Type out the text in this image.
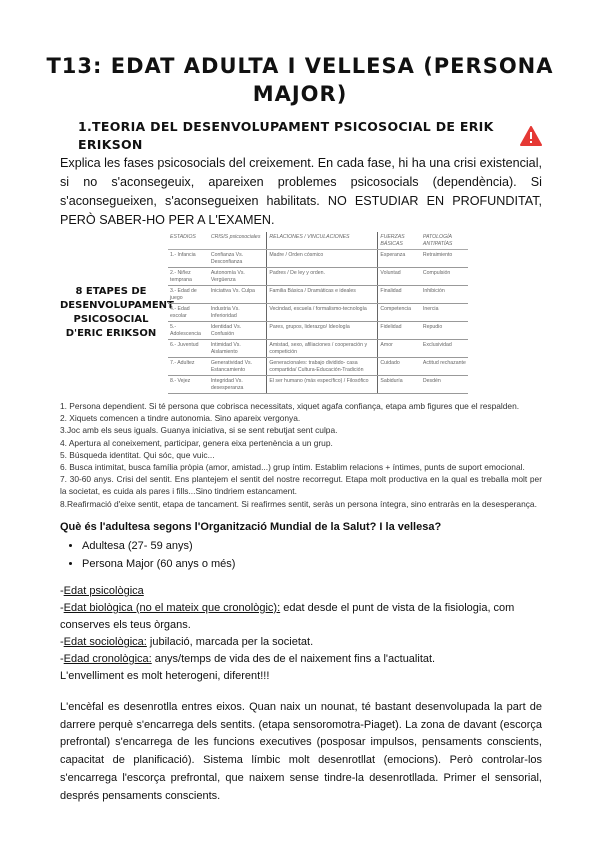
T13: EDAT ADULTA I VELLESA (PERSONA MAJOR)
1.TEORIA DEL DESENVOLUPAMENT PSICOSOCIAL DE ERIK ERIKSON
Explica les fases psicosocials del creixement. En cada fase, hi ha una crisi existencial, si no s'aconsegeuix, apareixen problemes psicosocials (dependència). Si s'aconsegueixen, s'aconsegueixen habilitats. NO ESTUDIAR EN PROFUNDITAT, PERÒ SABER-HO PER A L'EXAMEN.
8 ETAPES DE DESENVOLUPAMENT PSICOSOCIAL D'ERIC ERIKSON
ESTADIOS	CRISIS psicosociales	RELACIONES / VINCULACIONES	FUERZAS BÁSICAS	PATOLOGÍA ANTIPATÍAS
1.- Infancia	Confianza Vs. Desconfianza	Madre / Orden cósmico	Esperanza	Retraimiento
2.- Niñez temprana	Autonomía Vs. Vergüenza	Padres / De ley y orden.	Voluntad	Compulsión
3.- Edad de juego	Iniciativa Vs. Culpa	Familia Básica / Dramáticas e ideales	Finalidad	Inhibición
4.- Edad escolar	Industria Vs. Inferioridad	Vecindad, escuela / formalismo-tecnología	Competencia	Inercia
5.- Adolescencia	Identidad Vs. Confusión	Pares, grupos, liderazgo/ Ideología	Fidelidad	Repudio
6.- Juventud	Intimidad Vs. Aislamiento	Amistad, sexo, afiliaciones / cooperación y competición	Amor	Exclusividad
7.- Adultez	Generatividad Vs. Estancamiento	Generacionales: trabajo dividido- casa compartida/ Cultura-Educación-Tradición	Cuidado	Actitud rechazante
8.- Vejez	Integridad Vs. desesperanza	El ser humano (más específico) / Filosófico	Sabiduría	Desdén

1. Persona dependient. Si té persona que cobrisca necessitats, xiquet agafa confiança, etapa amb figures que el respalden.

2. Xiquets comencen a tindre autonomia. Sino apareix vergonya.

3.Joc amb els seus iguals. Guanya iniciativa, si se sent rebutjat sent culpa.

4. Apertura al coneixement, participar, genera eixa pertenència a un grup.

5. Búsqueda identitat. Qui sóc, que vuic...

6. Busca intimitat, busca família pròpia (amor, amistad...) grup íntim. Establim relacions + íntimes, punts de suport emocional.

7. 30-60 anys. Crisi del sentit. Ens plantejem el sentit del nostre recorregut. Etapa molt productiva en la qual es treballa molt per la societat, es cuida als pares i fills...Sino tindriem estancament.

8.Reafirmació d'eixe sentit, etapa de tancament. Si reafirmes sentit, seràs un persona íntegra, sino entraràs en la desesperança.

Què és l'adultesa segons l'Organització Mundial de la Salut? I la vellesa?
• Adultesa (27- 59 anys)
• Persona Major (60 anys o més)

-Edat psicològica

-Edat biològica (no el mateix que cronològic): edat desde el punt de vista de la fisiologia, com conserves els teus òrgans.

-Edat sociològica: jubilació, marcada per la societat.

-Edad cronològica: anys/temps de vida des de el naixement fins a l'actualitat.

L'envelliment es molt heterogeni, diferent!!!

L'encèfal es desenrotlla entres eixos. Quan naix un nounat, té bastant desenvolupada la part de darrere perquè s'encarrega dels sentits. (etapa sensoromotra-Piaget). La zona de davant (escorça prefrontal) s'encarrega de les funcions executives (posposar impulsos, pensaments conscients, capacitat de planificació). Sistema límbic molt desenrotllat (emocions). Però controlar-los s'encarrega l'escorça prefrontal, que naixem sense tindre-la desenrotllada. Primer el sensorial, després pensaments conscients.
